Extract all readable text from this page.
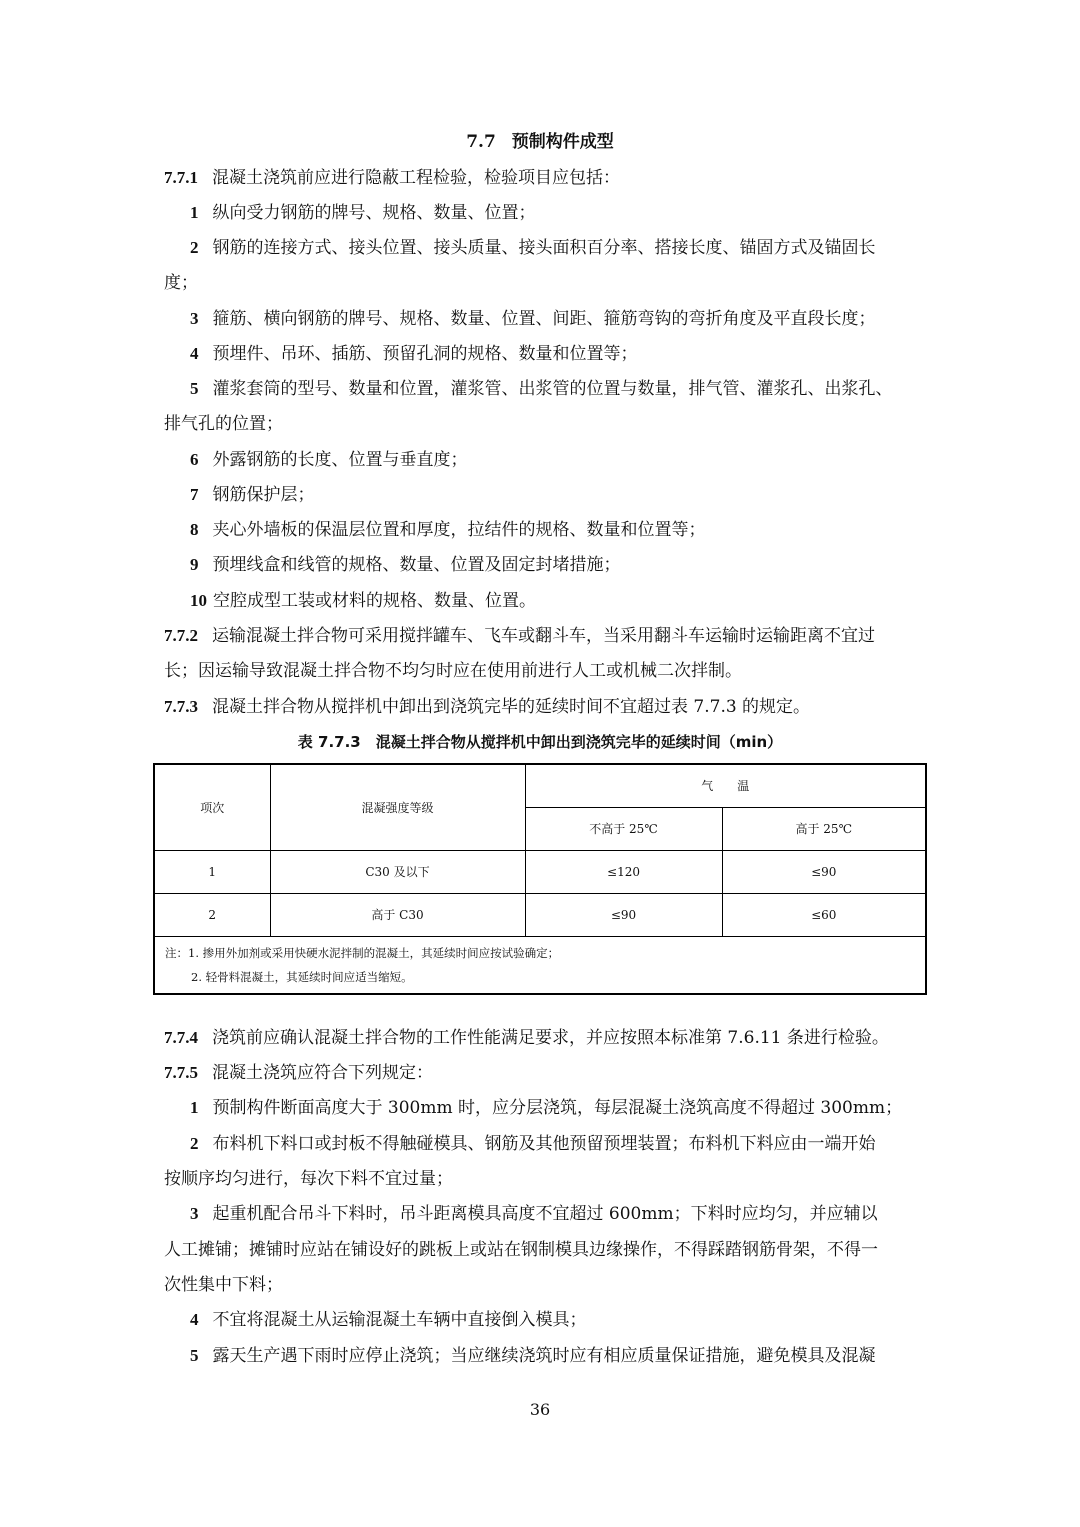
7.7 预制构件成型
7.7.1 混凝土浇筑前应进行隐蔽工程检验，检验项目应包括：
1 纵向受力钢筋的牌号、规格、数量、位置；
2 钢筋的连接方式、接头位置、接头质量、接头面积百分率、搭接长度、锚固方式及锚固长
度；
3 箍筋、横向钢筋的牌号、规格、数量、位置、间距、箍筋弯钩的弯折角度及平直段长度；
4 预埋件、吊环、插筋、预留孔洞的规格、数量和位置等；
5 灌浆套筒的型号、数量和位置，灌浆管、出浆管的位置与数量，排气管、灌浆孔、出浆孔、
排气孔的位置；
6 外露钢筋的长度、位置与垂直度；
7 钢筋保护层；
8 夹心外墙板的保温层位置和厚度，拉结件的规格、数量和位置等；
9 预埋线盒和线管的规格、数量、位置及固定封堵措施；
10 空腔成型工装或材料的规格、数量、位置。
7.7.2 运输混凝土拌合物可采用搅拌罐车、飞车或翻斗车，当采用翻斗车运输时运输距离不宜过
长；因运输导致混凝土拌合物不均匀时应在使用前进行人工或机械二次拌制。
7.7.3 混凝土拌合物从搅拌机中卸出到浇筑完毕的延续时间不宜超过表 7.7.3 的规定。
表 7.7.3　混凝土拌合物从搅拌机中卸出到浇筑完毕的延续时间（min）
项次	混凝强度等级	气　　温	
		不高于 25℃	高于 25℃
1	C30 及以下	≤120	≤90
2	高于 C30	≤90	≤60

注：1. 掺用外加剂或采用快硬水泥拌制的混凝土，其延续时间应按试验确定；
2. 轻骨料混凝土，其延续时间应适当缩短。			
7.7.4 浇筑前应确认混凝土拌合物的工作性能满足要求，并应按照本标准第 7.6.11 条进行检验。
7.7.5 混凝土浇筑应符合下列规定：
1 预制构件断面高度大于 300mm 时，应分层浇筑，每层混凝土浇筑高度不得超过 300mm；
2 布料机下料口或封板不得触碰模具、钢筋及其他预留预埋装置；布料机下料应由一端开始
按顺序均匀进行，每次下料不宜过量；
3 起重机配合吊斗下料时，吊斗距离模具高度不宜超过 600mm；下料时应均匀，并应辅以
人工摊铺；摊铺时应站在铺设好的跳板上或站在钢制模具边缘操作，不得踩踏钢筋骨架，不得一
次性集中下料；
4 不宜将混凝土从运输混凝土车辆中直接倒入模具；
5 露天生产遇下雨时应停止浇筑；当应继续浇筑时应有相应质量保证措施，避免模具及混凝
36
